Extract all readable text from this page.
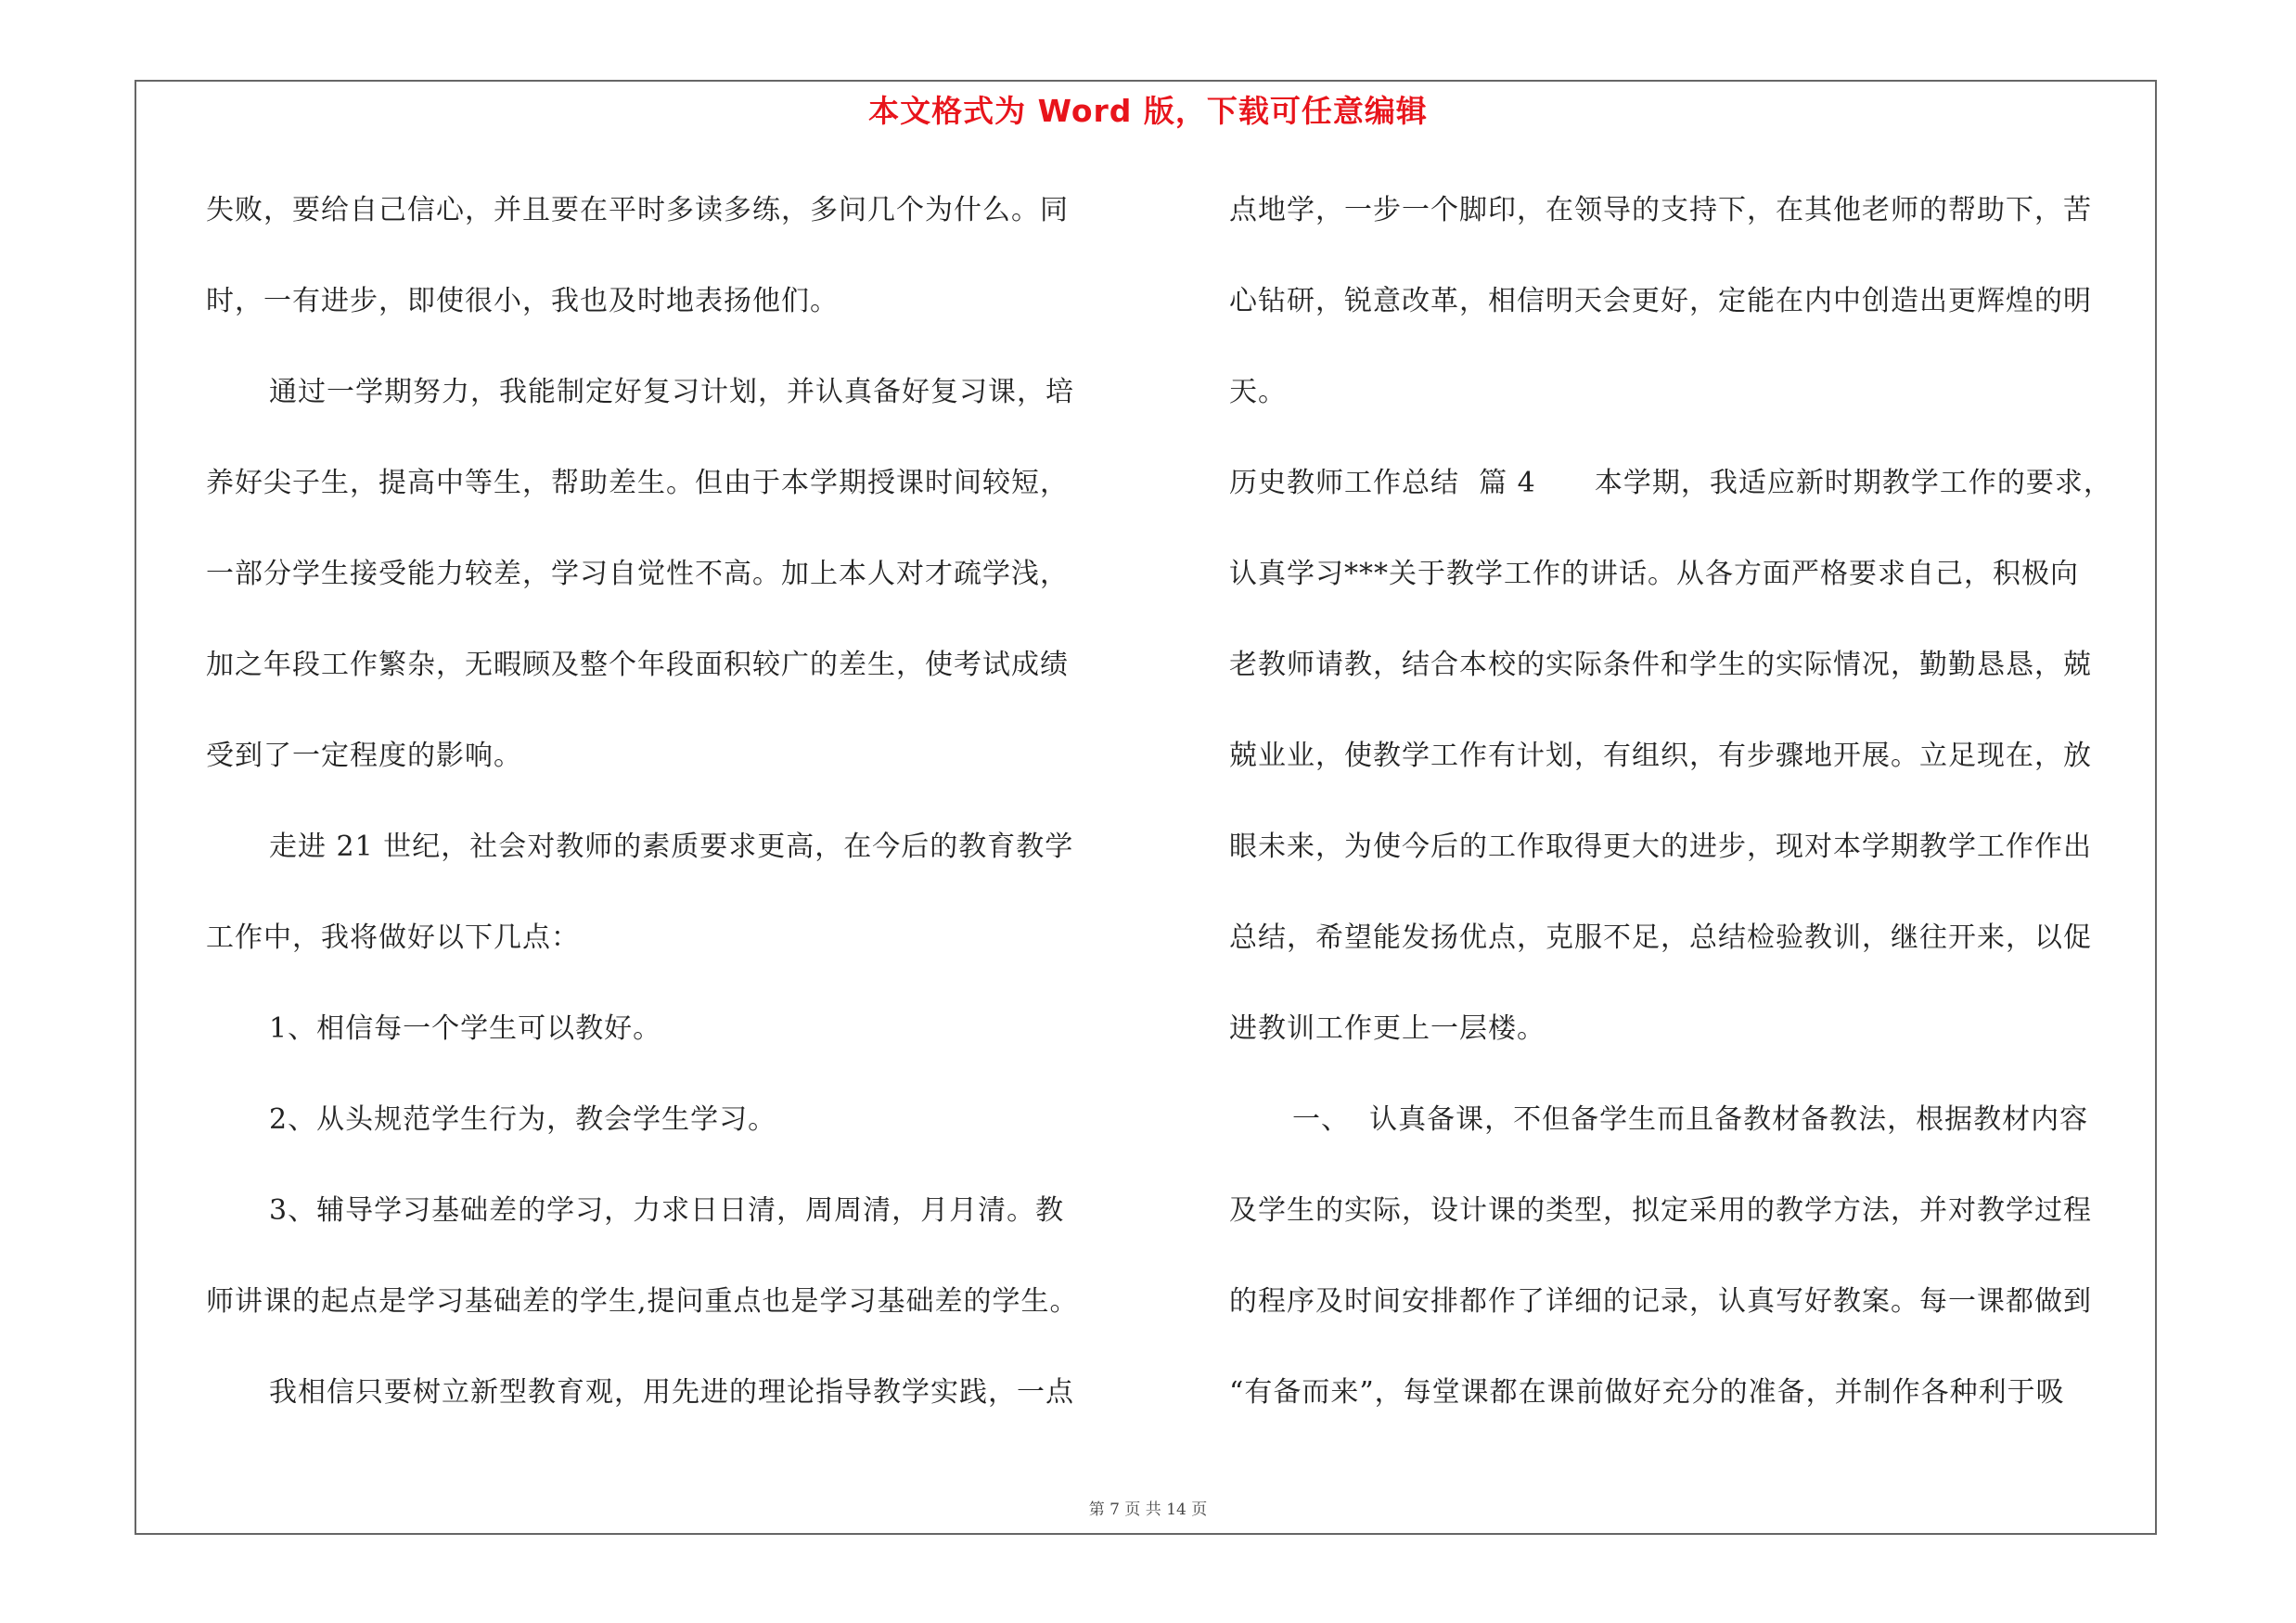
本文格式为 Word 版，下载可任意编辑
失败，要给自己信心，并且要在平时多读多练，多问几个为什么。同
时，一有进步，即使很小，我也及时地表扬他们。
通过一学期努力，我能制定好复习计划，并认真备好复习课，培
养好尖子生，提高中等生，帮助差生。但由于本学期授课时间较短，
一部分学生接受能力较差，学习自觉性不高。加上本人对才疏学浅，
加之年段工作繁杂，无暇顾及整个年段面积较广的差生，使考试成绩
受到了一定程度的影响。
走进 21 世纪，社会对教师的素质要求更高，在今后的教育教学
工作中，我将做好以下几点：
1、相信每一个学生可以教好。
2、从头规范学生行为，教会学生学习。
3、辅导学习基础差的学习，力求日日清，周周清，月月清。教
师讲课的起点是学习基础差的学生,提问重点也是学习基础差的学生。
我相信只要树立新型教育观，用先进的理论指导教学实践，一点
点地学，一步一个脚印，在领导的支持下，在其他老师的帮助下，苦
心钻研，锐意改革，相信明天会更好，定能在内中创造出更辉煌的明
天。
历史教师工作总结  篇 4      本学期，我适应新时期教学工作的要求，
认真学习***关于教学工作的讲话。从各方面严格要求自己，积极向
老教师请教，结合本校的实际条件和学生的实际情况，勤勤恳恳，兢
兢业业，使教学工作有计划，有组织，有步骤地开展。立足现在，放
眼未来，为使今后的工作取得更大的进步，现对本学期教学工作作出
总结，希望能发扬优点，克服不足，总结检验教训，继往开来，以促
进教训工作更上一层楼。
一、  认真备课，不但备学生而且备教材备教法，根据教材内容
及学生的实际，设计课的类型，拟定采用的教学方法，并对教学过程
的程序及时间安排都作了详细的记录，认真写好教案。每一课都做到
“有备而来”，每堂课都在课前做好充分的准备，并制作各种利于吸
第 7 页 共 14 页
